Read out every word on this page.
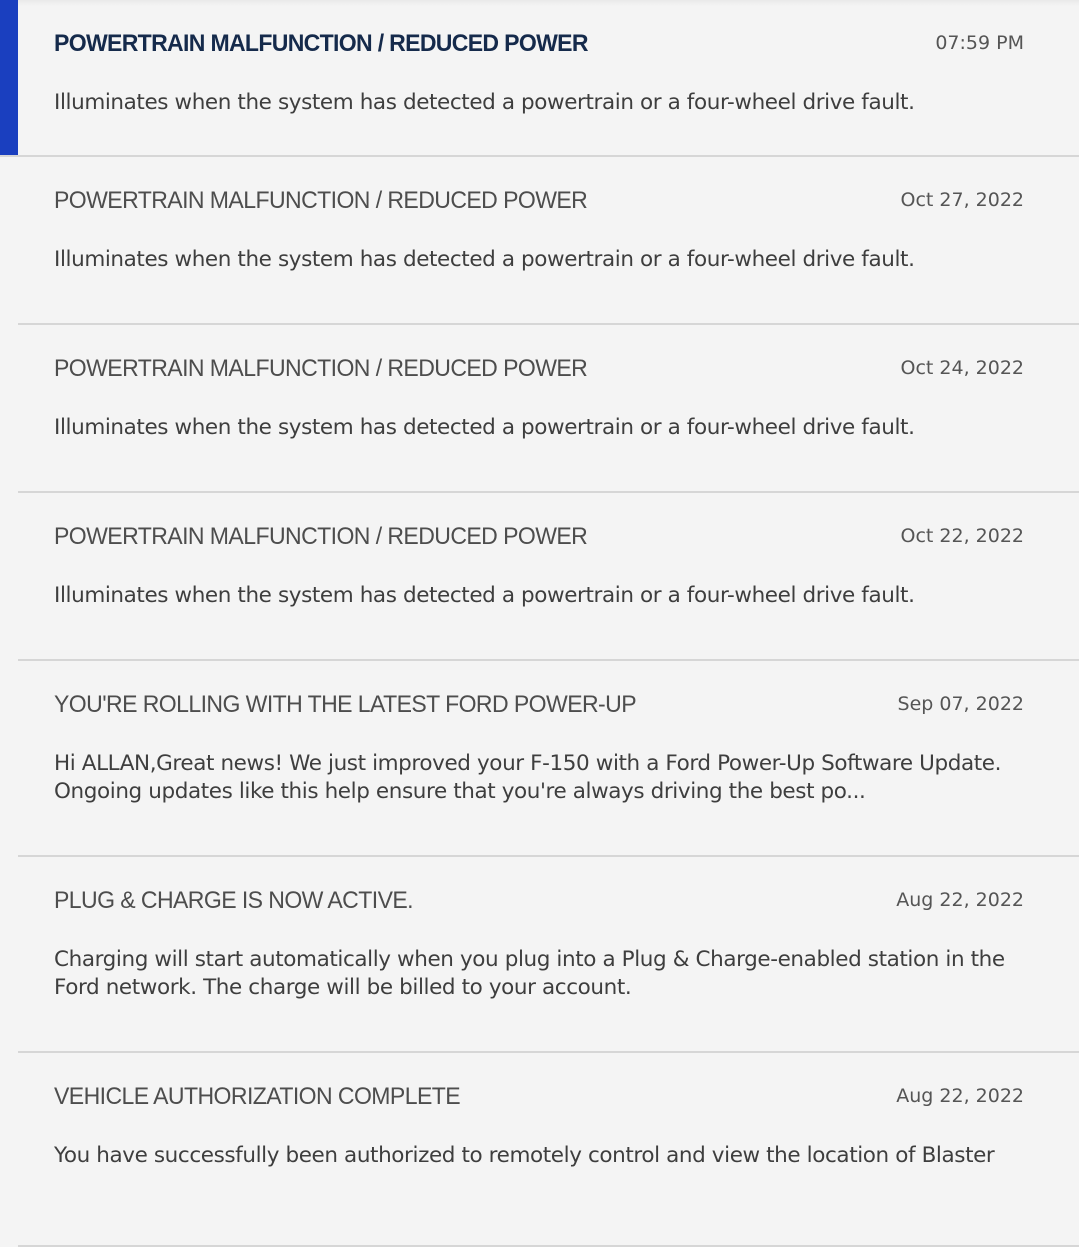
POWERTRAIN MALFUNCTION / REDUCED POWER	07:59 PM
Illuminates when the system has detected a powertrain or a four-wheel drive fault.
POWERTRAIN MALFUNCTION / REDUCED POWER	Oct 27, 2022
Illuminates when the system has detected a powertrain or a four-wheel drive fault.
POWERTRAIN MALFUNCTION / REDUCED POWER	Oct 24, 2022
Illuminates when the system has detected a powertrain or a four-wheel drive fault.
POWERTRAIN MALFUNCTION / REDUCED POWER	Oct 22, 2022
Illuminates when the system has detected a powertrain or a four-wheel drive fault.
YOU'RE ROLLING WITH THE LATEST FORD POWER-UP	Sep 07, 2022
Hi ALLAN,Great news! We just improved your F-150 with a Ford Power-Up Software Update. Ongoing updates like this help ensure that you're always driving the best po...
PLUG & CHARGE IS NOW ACTIVE.	Aug 22, 2022
Charging will start automatically when you plug into a Plug & Charge-enabled station in the Ford network. The charge will be billed to your account.
VEHICLE AUTHORIZATION COMPLETE	Aug 22, 2022
You have successfully been authorized to remotely control and view the location of Blaster
